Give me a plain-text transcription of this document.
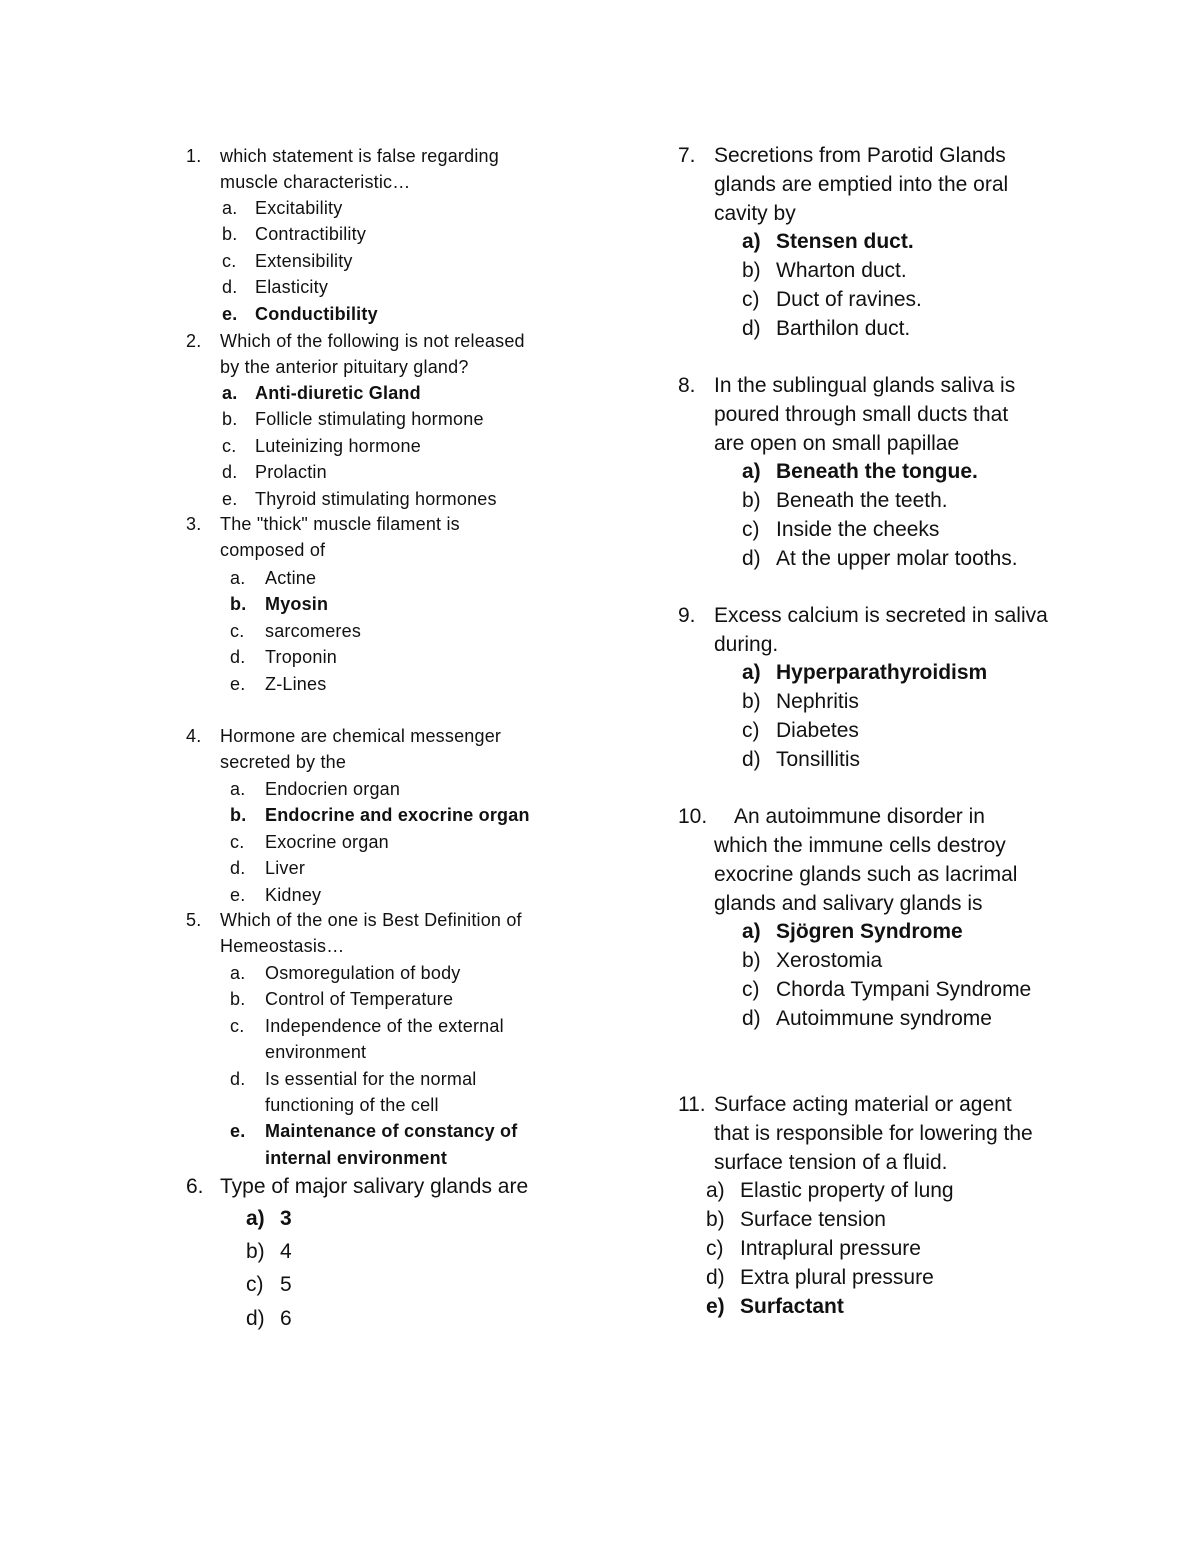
1. which statement is false regarding
muscle characteristic…
a. Excitability
b. Contractibility
c. Extensibility
d. Elasticity
e. Conductibility
2. Which of the following is not released
by the anterior pituitary gland?
a. Anti-diuretic Gland
b. Follicle stimulating hormone
c. Luteinizing hormone
d. Prolactin
e. Thyroid stimulating hormones
3. The "thick" muscle filament is
composed of
a. Actine
b. Myosin
c. sarcomeres
d. Troponin
e. Z-Lines
4. Hormone are chemical messenger
secreted by the
a. Endocrien organ
b. Endocrine and exocrine organ
c. Exocrine organ
d. Liver
e. Kidney
5. Which of the one is Best Definition of
Hemeostasis…
a. Osmoregulation of body
b. Control of Temperature
c. Independence of the external
environment
d. Is essential for the normal
functioning of the cell
e. Maintenance of constancy of
internal environment
6. Type of major salivary glands are
a) 3
b) 4
c) 5
d) 6
7. Secretions from Parotid Glands
glands are emptied into the oral
cavity by
a) Stensen duct.
b) Wharton duct.
c) Duct of ravines.
d) Barthilon duct.
8. In the sublingual glands saliva is
poured through small ducts that
are open on small papillae
a) Beneath the tongue.
b) Beneath the teeth.
c) Inside the cheeks
d) At the upper molar tooths.
9. Excess calcium is secreted in saliva
during.
a) Hyperparathyroidism
b) Nephritis
c) Diabetes
d) Tonsillitis
10. An autoimmune disorder in
which the immune cells destroy
exocrine glands such as lacrimal
glands and salivary glands is
a) Sjögren Syndrome
b) Xerostomia
c) Chorda Tympani Syndrome
d) Autoimmune syndrome
11. Surface acting material or agent
that is responsible for lowering the
surface tension of a fluid.
a) Elastic property of lung
b) Surface tension
c) Intraplural pressure
d) Extra plural pressure
e) Surfactant
